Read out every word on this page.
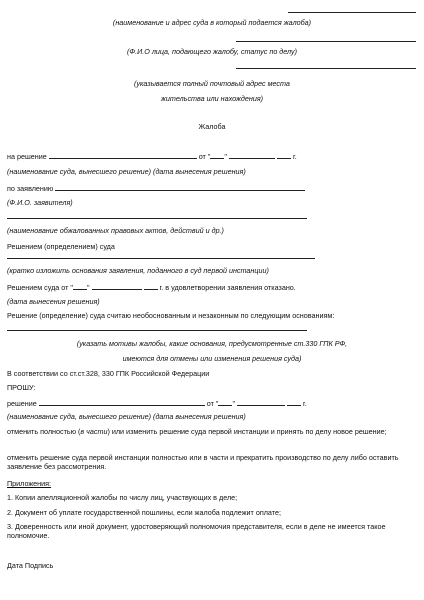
(наименование и адрес суда в который подается жалоба)
(Ф.И.О лица, подающего жалобу, статус по делу)
(указывается полный почтовый адрес места
жительства или нахождения)
Жалоба
на решение	от " "	г.
(наименование суда, вынесшего решение) (дата вынесения решения)
по заявлению
(Ф.И.О. заявителя)
(наименование обжалованных правовых актов, действий и др.)
Решением (определением) суда
(кратко изложить основания заявления, поданного в суд первой инстанции)
Решением суда от " "	г. в удовлетворении заявления отказано.
(дата вынесения решения)
Решение (определение) суда считаю необоснованным и незаконным по следующим основаниям:
(указать мотивы жалобы, какие основания, предусмотренные ст.330 ГПК РФ,
имеются для отмены или изменения решения суда)
В соответствии со ст.ст.328, 330 ГПК Российской Федерации
ПРОШУ:
решение	от " "	г.
(наименование суда, вынесшего решение) (дата вынесения решения)
отменить полностью (в части) или изменить решение суда первой инстанции и принять по делу новое решение;
отменить решение суда первой инстанции полностью или в части и прекратить производство по делу либо оставить заявление без рассмотрения.
Приложения:
1. Копии апелляционной жалобы по числу лиц, участвующих в деле;
2. Документ об уплате государственной пошлины, если жалоба подлежит оплате;
3. Доверенность или иной документ, удостоверяющий полномочия представителя, если в деле не имеется такое полномочие.
Дата Подпись
